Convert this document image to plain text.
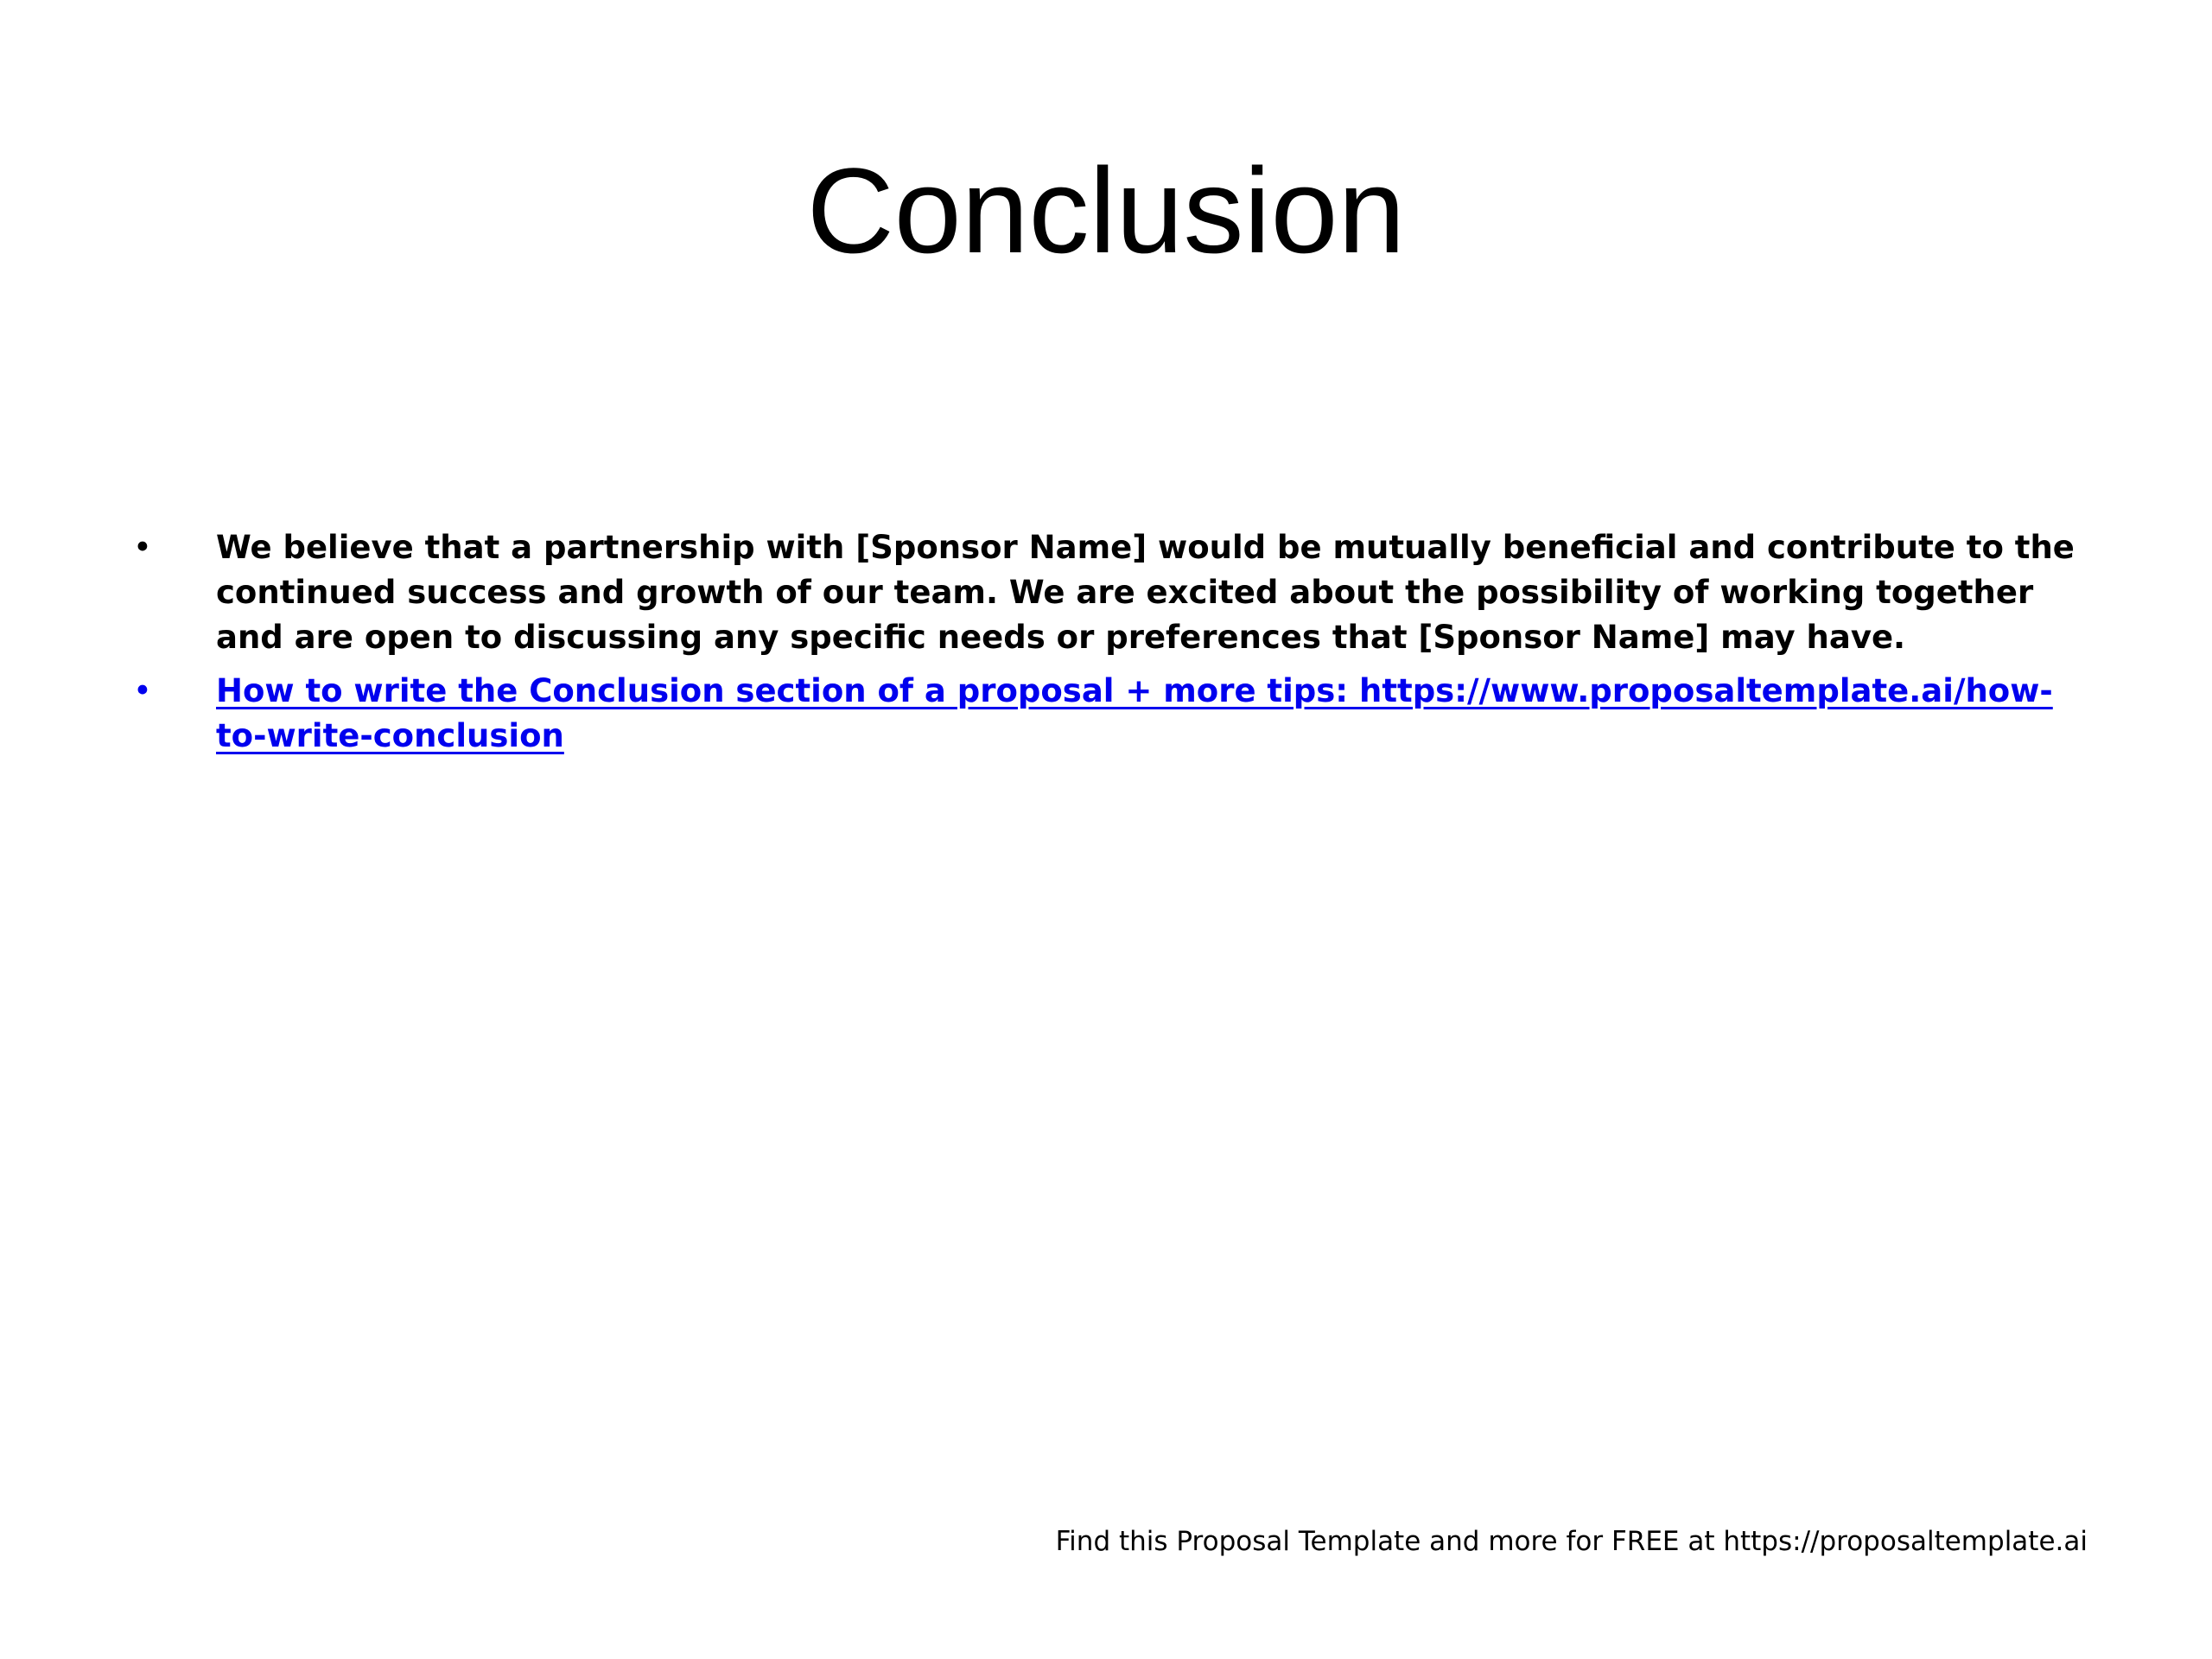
Conclusion
• We believe that a partnership with [Sponsor Name] would be mutually beneficial and contribute to the continued success and growth of our team. We are excited about the possibility of working together and are open to discussing any specific needs or preferences that [Sponsor Name] may have.
• How to write the Conclusion section of a proposal + more tips: https://www.proposaltemplate.ai/how-to-write-conclusion
Find this Proposal Template and more for FREE at https://proposaltemplate.ai
